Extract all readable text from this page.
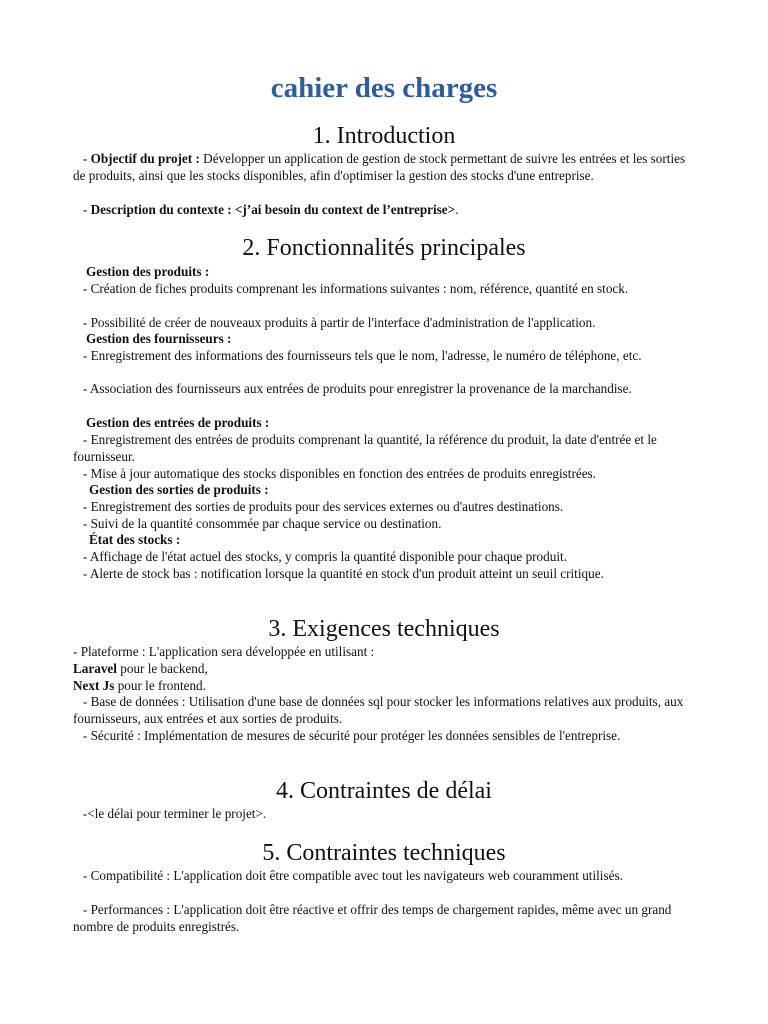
cahier des charges
1. Introduction

- Objectif du projet : Développer un application de gestion de stock permettant de suivre les entrées et les sorties de produits, ainsi que les stocks disponibles, afin d'optimiser la gestion des stocks d'une entreprise.

- Description du contexte : <j’ai besoin du context de l’entreprise>.

2. Fonctionnalités principales

Gestion des produits :

- Création de fiches produits comprenant les informations suivantes : nom, référence, quantité en stock.

- Possibilité de créer de nouveaux produits à partir de l'interface d'administration de l'application.

Gestion des fournisseurs :

- Enregistrement des informations des fournisseurs tels que le nom, l'adresse, le numéro de téléphone, etc.

- Association des fournisseurs aux entrées de produits pour enregistrer la provenance de la marchandise.

Gestion des entrées de produits :

- Enregistrement des entrées de produits comprenant la quantité, la référence du produit, la date d'entrée et le fournisseur.

- Mise à jour automatique des stocks disponibles en fonction des entrées de produits enregistrées.

Gestion des sorties de produits :

- Enregistrement des sorties de produits pour des services externes ou d'autres destinations.

- Suivi de la quantité consommée par chaque service ou destination.

État des stocks :

- Affichage de l'état actuel des stocks, y compris la quantité disponible pour chaque produit.

- Alerte de stock bas : notification lorsque la quantité en stock d'un produit atteint un seuil critique.

3. Exigences techniques

- Plateforme : L'application sera développée en utilisant :

Laravel pour le backend,

Next Js pour le frontend.

- Base de données : Utilisation d'une base de données sql pour stocker les informations relatives aux produits, aux fournisseurs, aux entrées et aux sorties de produits.

- Sécurité : Implémentation de mesures de sécurité pour protéger les données sensibles de l'entreprise.

4. Contraintes de délai

-<le délai pour terminer le projet>.

5. Contraintes techniques

- Compatibilité : L'application doit être compatible avec tout les navigateurs web couramment utilisés.

- Performances : L'application doit être réactive et offrir des temps de chargement rapides, même avec un grand nombre de produits enregistrés.
